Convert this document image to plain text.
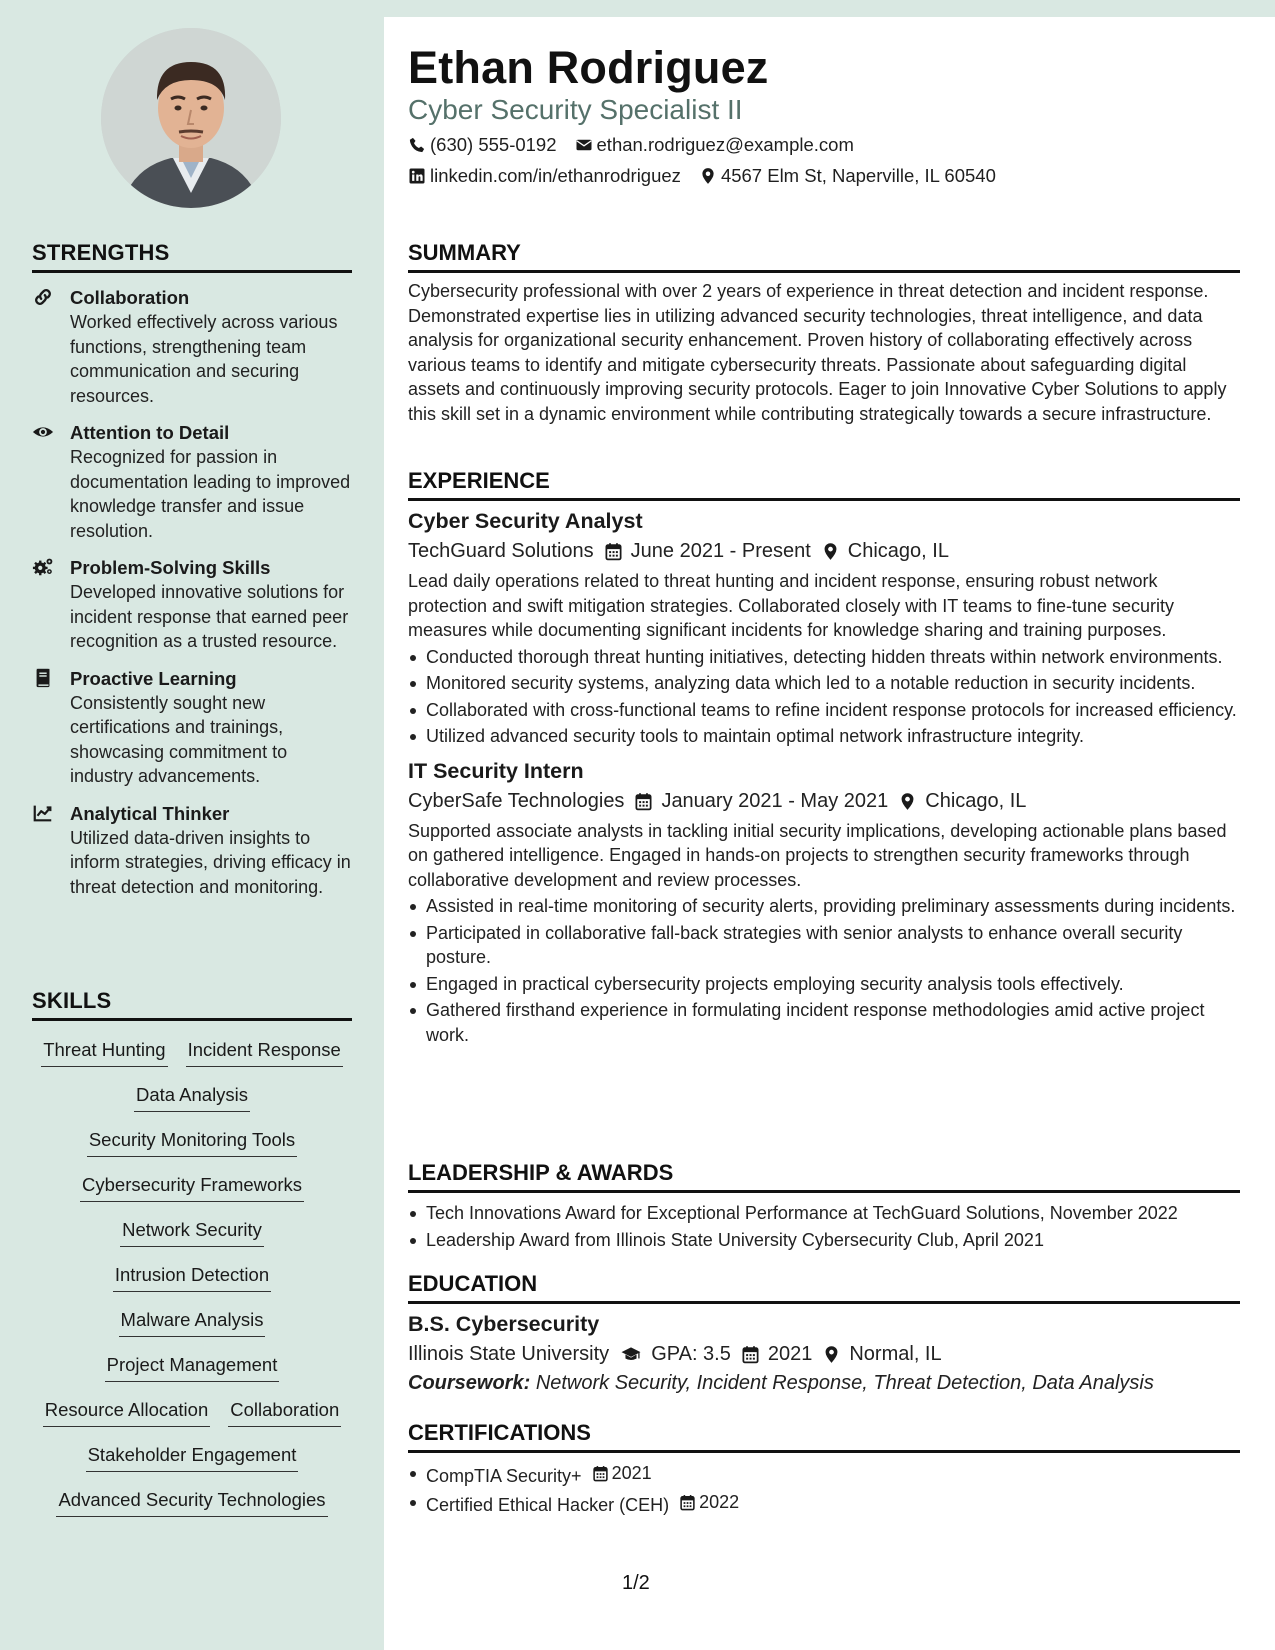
STRENGTHS
Collaboration
Worked effectively across various functions, strengthening team communication and securing resources.
Attention to Detail
Recognized for passion in documentation leading to improved knowledge transfer and issue resolution.
Problem-Solving Skills
Developed innovative solutions for incident response that earned peer recognition as a trusted resource.
Proactive Learning
Consistently sought new certifications and trainings, showcasing commitment to industry advancements.
Analytical Thinker
Utilized data-driven insights to inform strategies, driving efficacy in threat detection and monitoring.
SKILLS
Threat Hunting Incident Response
Data Analysis
Security Monitoring Tools
Cybersecurity Frameworks
Network Security
Intrusion Detection
Malware Analysis
Project Management
Resource Allocation Collaboration
Stakeholder Engagement
Advanced Security Technologies
Ethan Rodriguez
Cyber Security Specialist II
(630) 555-0192 ethan.rodriguez@example.com
linkedin.com/in/ethanrodriguez 4567 Elm St, Naperville, IL 60540
SUMMARY
Cybersecurity professional with over 2 years of experience in threat detection and incident response. Demonstrated expertise lies in utilizing advanced security technologies, threat intelligence, and data analysis for organizational security enhancement. Proven history of collaborating effectively across various teams to identify and mitigate cybersecurity threats. Passionate about safeguarding digital assets and continuously improving security protocols. Eager to join Innovative Cyber Solutions to apply this skill set in a dynamic environment while contributing strategically towards a secure infrastructure.
EXPERIENCE
Cyber Security Analyst
TechGuard Solutions June 2021 - Present Chicago, IL
Lead daily operations related to threat hunting and incident response, ensuring robust network protection and swift mitigation strategies. Collaborated closely with IT teams to fine-tune security measures while documenting significant incidents for knowledge sharing and training purposes.
Conducted thorough threat hunting initiatives, detecting hidden threats within network environments.
Monitored security systems, analyzing data which led to a notable reduction in security incidents.
Collaborated with cross-functional teams to refine incident response protocols for increased efficiency.
Utilized advanced security tools to maintain optimal network infrastructure integrity.
IT Security Intern
CyberSafe Technologies January 2021 - May 2021 Chicago, IL
Supported associate analysts in tackling initial security implications, developing actionable plans based on gathered intelligence. Engaged in hands-on projects to strengthen security frameworks through collaborative development and review processes.
Assisted in real-time monitoring of security alerts, providing preliminary assessments during incidents.
Participated in collaborative fall-back strategies with senior analysts to enhance overall security posture.
Engaged in practical cybersecurity projects employing security analysis tools effectively.
Gathered firsthand experience in formulating incident response methodologies amid active project work.
LEADERSHIP & AWARDS
Tech Innovations Award for Exceptional Performance at TechGuard Solutions, November 2022
Leadership Award from Illinois State University Cybersecurity Club, April 2021
EDUCATION
B.S. Cybersecurity
Illinois State University GPA: 3.5 2021 Normal, IL
Coursework: Network Security, Incident Response, Threat Detection, Data Analysis
CERTIFICATIONS
CompTIA Security+ 2021
Certified Ethical Hacker (CEH) 2022
1/2
